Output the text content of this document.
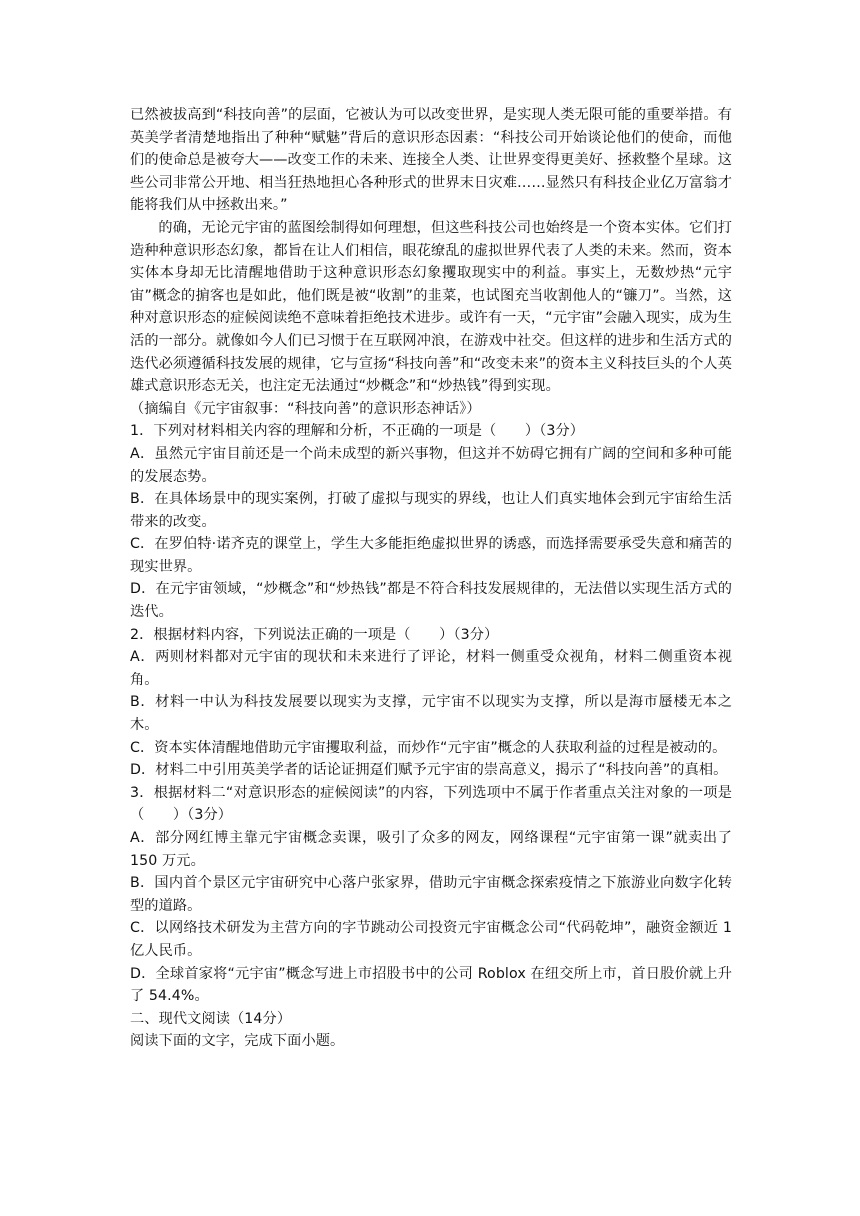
已然被拔高到“科技向善”的层面，它被认为可以改变世界，是实现人类无限可能的重要举措。有英美学者清楚地指出了种种“赋魅”背后的意识形态因素：“科技公司开始谈论他们的使命，而他们的使命总是被夸大——改变工作的未来、连接全人类、让世界变得更美好、拯救整个星球。这些公司非常公开地、相当狂热地担心各种形式的世界末日灾难……显然只有科技企业亿万富翁才能将我们从中拯救出来。”

的确，无论元宇宙的蓝图绘制得如何理想，但这些科技公司也始终是一个资本实体。它们打造种种意识形态幻象，都旨在让人们相信，眼花缭乱的虚拟世界代表了人类的未来。然而，资本实体本身却无比清醒地借助于这种意识形态幻象攫取现实中的利益。事实上，无数炒热“元宇宙”概念的掮客也是如此，他们既是被“收割”的韭菜，也试图充当收割他人的“镰刀”。当然，这种对意识形态的症候阅读绝不意味着拒绝技术进步。或许有一天，“元宇宙”会融入现实，成为生活的一部分。就像如今人们已习惯于在互联网冲浪，在游戏中社交。但这样的进步和生活方式的迭代必须遵循科技发展的规律，它与宣扬“科技向善”和“改变未来”的资本主义科技巨头的个人英雄式意识形态无关，也注定无法通过“炒概念”和“炒热钱”得到实现。

（摘编自《元宇宙叙事：“科技向善”的意识形态神话》）

1．下列对材料相关内容的理解和分析，不正确的一项是（　　）（3分）

A．虽然元宇宙目前还是一个尚未成型的新兴事物，但这并不妨碍它拥有广阔的空间和多种可能的发展态势。

B．在具体场景中的现实案例，打破了虚拟与现实的界线，也让人们真实地体会到元宇宙给生活带来的改变。

C．在罗伯特·诺齐克的课堂上，学生大多能拒绝虚拟世界的诱惑，而选择需要承受失意和痛苦的现实世界。

D．在元宇宙领域，“炒概念”和“炒热钱”都是不符合科技发展规律的，无法借以实现生活方式的迭代。

2．根据材料内容，下列说法正确的一项是（　　）（3分）

A．两则材料都对元宇宙的现状和未来进行了评论，材料一侧重受众视角，材料二侧重资本视角。

B．材料一中认为科技发展要以现实为支撑，元宇宙不以现实为支撑，所以是海市蜃楼无本之木。

C．资本实体清醒地借助元宇宙攫取利益，而炒作“元宇宙”概念的人获取利益的过程是被动的。

D．材料二中引用英美学者的话论证拥趸们赋予元宇宙的崇高意义，揭示了“科技向善”的真相。

3．根据材料二“对意识形态的症候阅读”的内容，下列选项中不属于作者重点关注对象的一项是（　　）（3分）

A．部分网红博主靠元宇宙概念卖课，吸引了众多的网友，网络课程“元宇宙第一课”就卖出了 150 万元。

B．国内首个景区元宇宙研究中心落户张家界，借助元宇宙概念探索疫情之下旅游业向数字化转型的道路。

C．以网络技术研发为主营方向的字节跳动公司投资元宇宙概念公司“代码乾坤”，融资金额近 1 亿人民币。

D．全球首家将“元宇宙”概念写进上市招股书中的公司 Roblox 在纽交所上市，首日股价就上升了 54.4%。

二、现代文阅读（14分）

阅读下面的文字，完成下面小题。
